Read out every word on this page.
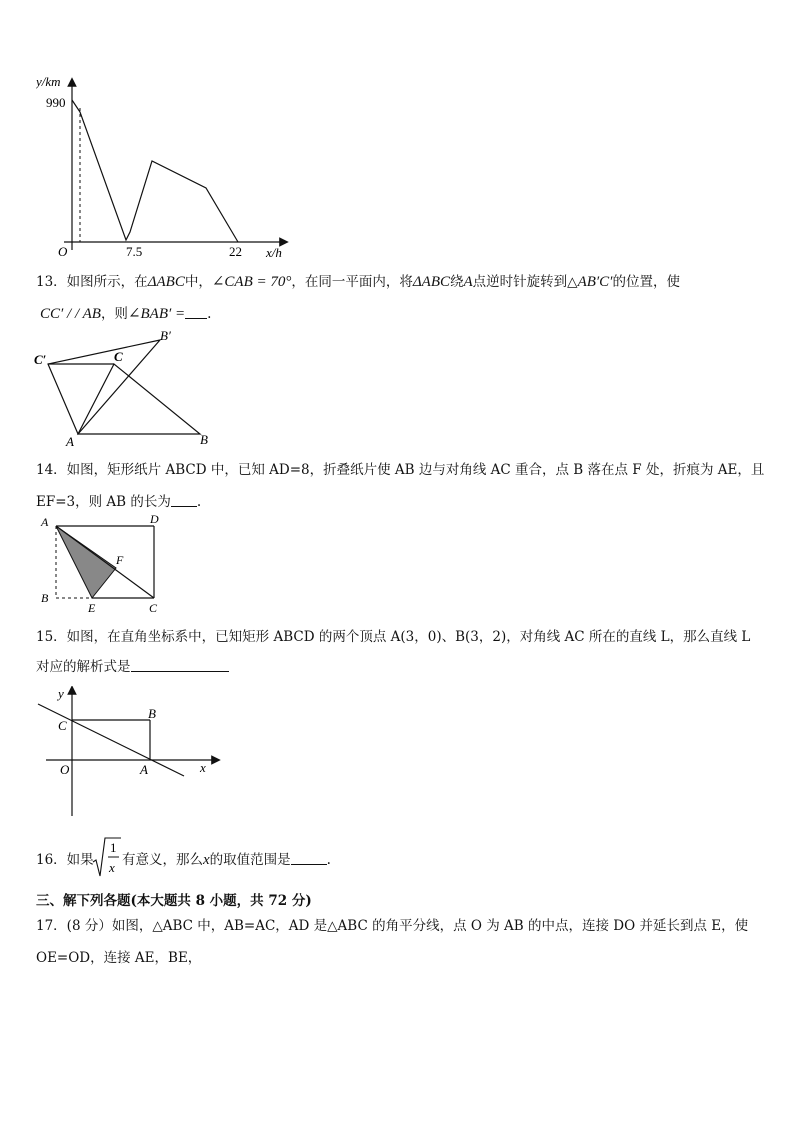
y/km
990
O	7.5	22 x/h
13．如图所示，在ΔABC中，∠CAB = 70°，在同一平面内，将ΔABC绕A点逆时针旋转到△AB′C′的位置，使
CC′ / / AB，则∠BAB′ = .
C′	C
B′
A	B
14．如图，矩形纸片 ABCD 中，已知 AD=8，折叠纸片使 AB 边与对角线 AC 重合，点 B 落在点 F 处，折痕为 AE，且
EF=3，则 AB 的长为 .
A	D
F
B
E	C
15．如图，在直角坐标系中，已知矩形 ABCD 的两个顶点 A(3，0)、B(3，2)，对角线 AC 所在的直线 L，那么直线 L
对应的解析式是
y
C
B
O	A	x
16．如果
1
x 有意义，那么x的取值范围是	.
三、解下列各题(本大题共 8 小题，共 72 分)
17．(8 分）如图，△ABC 中，AB=AC，AD 是△ABC 的角平分线，点 O 为 AB 的中点，连接 DO 并延长到点 E，使
OE=OD，连接 AE，BE，
